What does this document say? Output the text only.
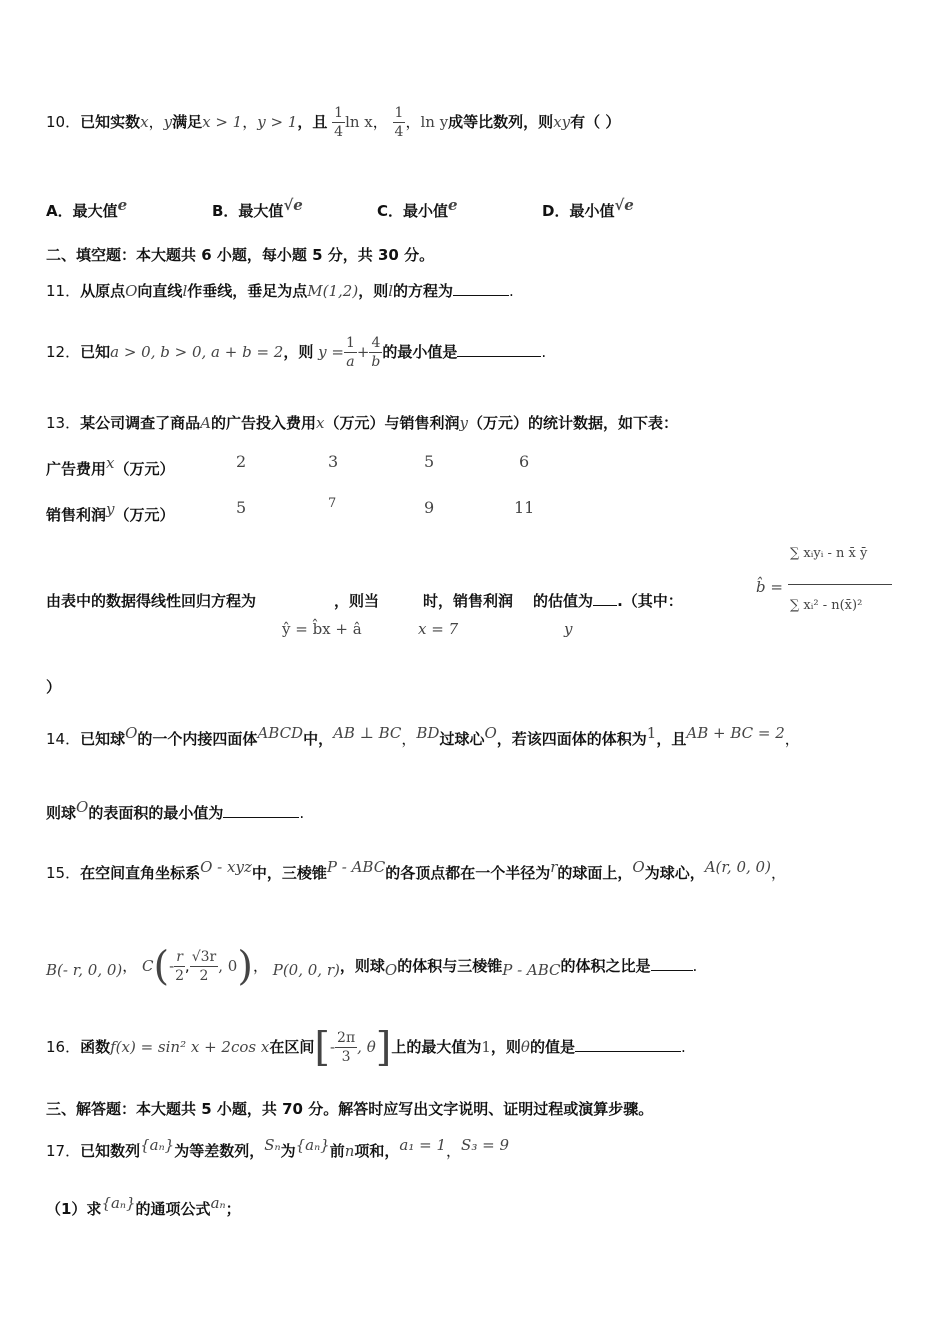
10．已知实数x，y满足x > 1，y > 1，且 $\frac{1}{4}$ ln x， $\frac{1}{4}$ ，ln y成等比数列，则xy有（ ）
A．最大值e	B．最大值√e	C．最小值e	D．最小值√e
二、填空题：本大题共 6 小题，每小题 5 分，共 30 分。
11．从原点O向直线l作垂线，垂足为点M(1,2)，则l的方程为	.
12．已知a > 0, b > 0, a + b = 2，则 $y = \frac{1}{a} + \frac{4}{b}$ 的最小值是	.
13．某公司调查了商品A的广告投入费用x（万元）与销售利润y（万元）的统计数据，如下表：
广告费用x（万元）	2	3	5	6
销售利润y（万元）	5	7	9	11
由表中的数据得线性回归方程为	，则当	时，销售利润 的估值为 .（其中：
ŷ = b̂x + â	x = 7	y
b̂ =
∑ xᵢyᵢ - n x̄ ȳ
∑ xᵢ² - n(x̄)²
）
14．已知球O的一个内接四面体ABCD中，AB ⊥ BC，BD过球心O，若该四面体的体积为1，且AB + BC = 2，
则球O的表面积的最小值为	.
15．在空间直角坐标系O - xyz中，三棱锥P - ABC的各顶点都在一个半径为r的球面上，O为球心，A(r, 0, 0)，
B(- r, 0, 0)， $C(- \frac{r}{2}$ , $\frac{√3r}{2}$ , 0)， P(0, 0, r)，则球O的体积与三棱锥P - ABC的体积之比是	.
16．函数f(x) = sin² x + 2cos x在区间[- $\frac{2\pi}{3}$ , θ]上的最大值为1，则θ的值是	.
三、解答题：本大题共 5 小题，共 70 分。解答时应写出文字说明、证明过程或演算步骤。
17．已知数列{aₙ}为等差数列，Sₙ为{aₙ}前n项和，a₁ = 1，S₃ = 9
（1）求{aₙ}的通项公式aₙ；
